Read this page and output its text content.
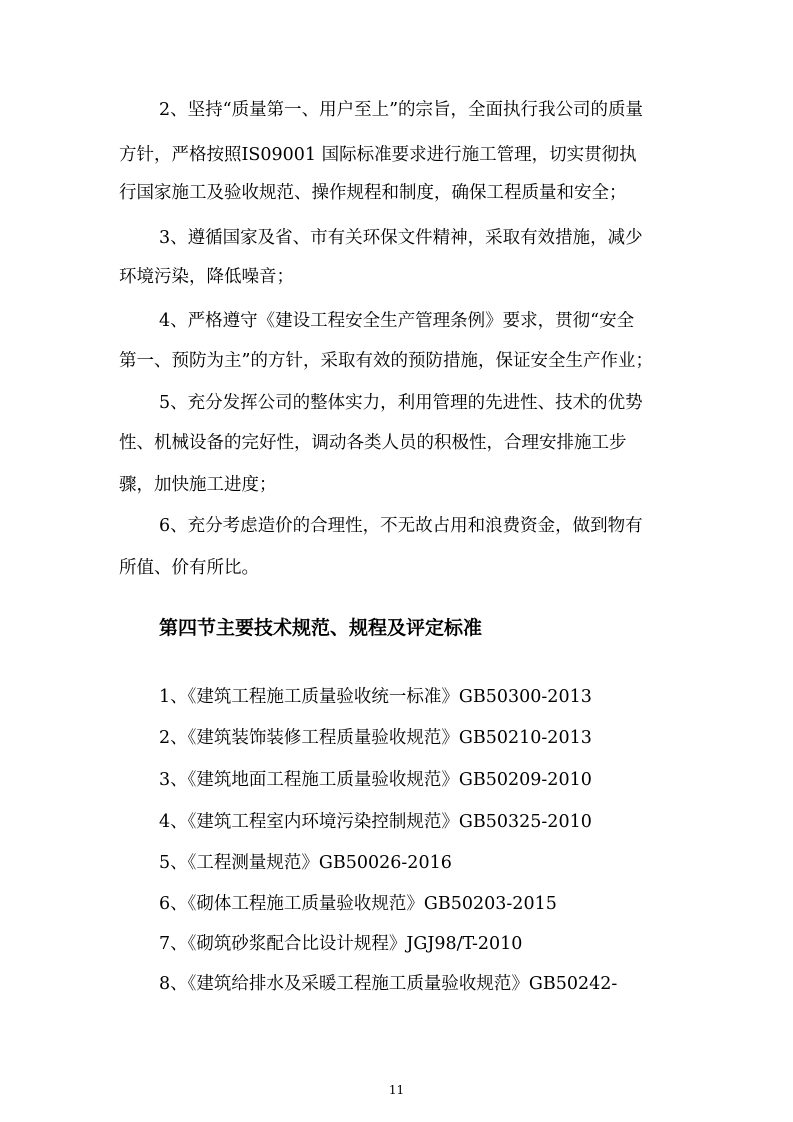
2、坚持“质量第一、用户至上”的宗旨，全面执行我公司的质量
方针，严格按照IS09001 国际标准要求进行施工管理，切实贯彻执
行国家施工及验收规范、操作规程和制度，确保工程质量和安全；
3、遵循国家及省、市有关环保文件精神，采取有效措施，减少
环境污染，降低噪音；
4、严格遵守《建设工程安全生产管理条例》要求，贯彻“安全
第一、预防为主”的方针，采取有效的预防措施，保证安全生产作业；
5、充分发挥公司的整体实力，利用管理的先进性、技术的优势
性、机械设备的完好性，调动各类人员的积极性，合理安排施工步
骤，加快施工进度；
6、充分考虑造价的合理性，不无故占用和浪费资金，做到物有
所值、价有所比。
第四节主要技术规范、规程及评定标准
1、《建筑工程施工质量验收统一标准》GB50300-2013
2、《建筑装饰装修工程质量验收规范》GB50210-2013
3、《建筑地面工程施工质量验收规范》GB50209-2010
4、《建筑工程室内环境污染控制规范》GB50325-2010
5、《工程测量规范》GB50026-2016
6、《砌体工程施工质量验收规范》GB50203-2015
7、《砌筑砂浆配合比设计规程》JGJ98/T-2010
8、《建筑给排水及采暖工程施工质量验收规范》GB50242-
11
